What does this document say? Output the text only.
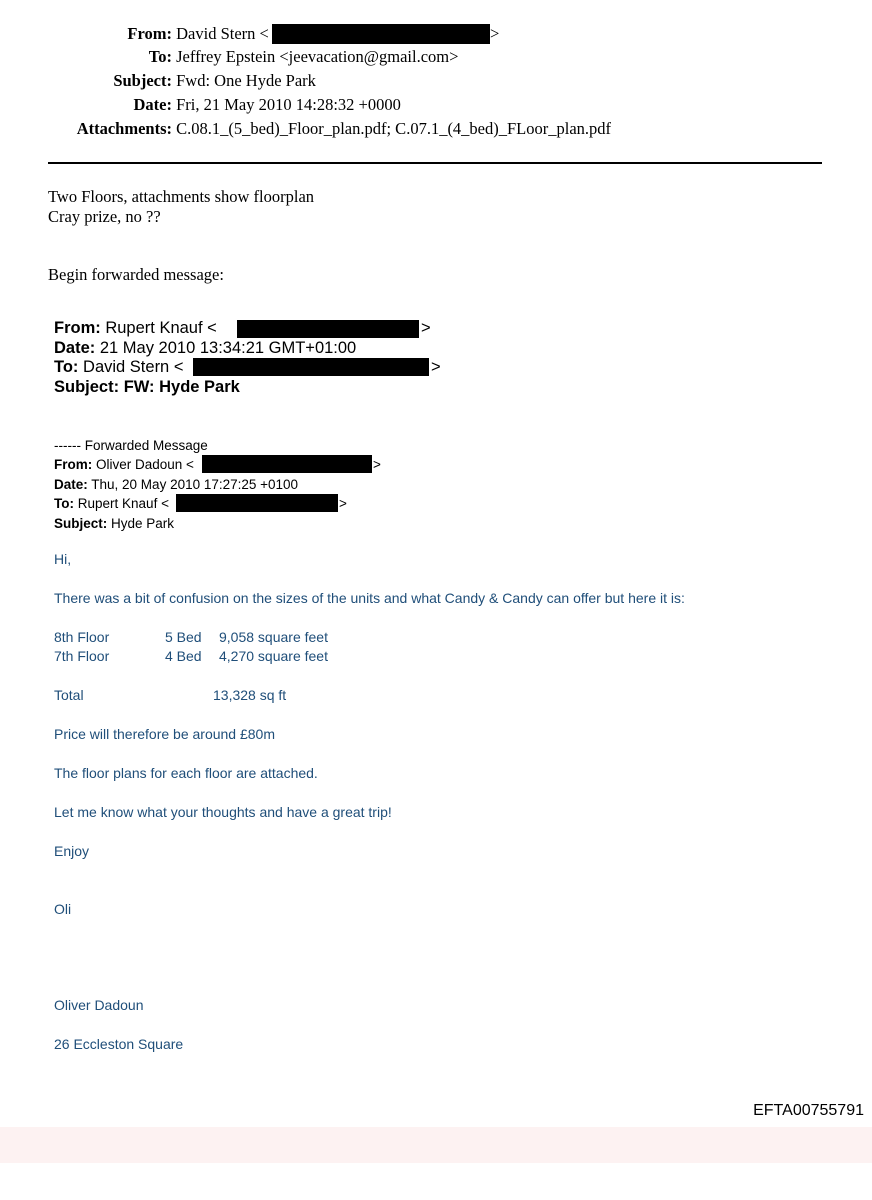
From: David Stern <	>
To: Jeffrey Epstein <jeevacation@gmail.com>
Subject: Fwd: One Hyde Park
Date: Fri, 21 May 2010 14:28:32 +0000
Attachments: C.08.1_(5_bed)_Floor_plan.pdf; C.07.1_(4_bed)_FLoor_plan.pdf
Two Floors, attachments show floorplan
Cray prize, no ??
Begin forwarded message:
From: Rupert Knauf <	>
Date: 21 May 2010 13:34:21 GMT+01:00
To: David Stern <	>
Subject: FW: Hyde Park
------ Forwarded Message
From: Oliver Dadoun <	>
Date: Thu, 20 May 2010 17:27:25 +0100
To: Rupert Knauf <	>
Subject: Hyde Park
Hi,
There was a bit of confusion on the sizes of the units and what Candy & Candy can offer but here it is:
8th Floor	5 Bed 9,058 square feet
7th Floor	4 Bed 4,270 square feet
Total	13,328 sq ft
Price will therefore be around £80m
The floor plans for each floor are attached.
Let me know what your thoughts and have a great trip!
Enjoy
Oli
Oliver Dadoun
26 Eccleston Square
EFTA00755791
